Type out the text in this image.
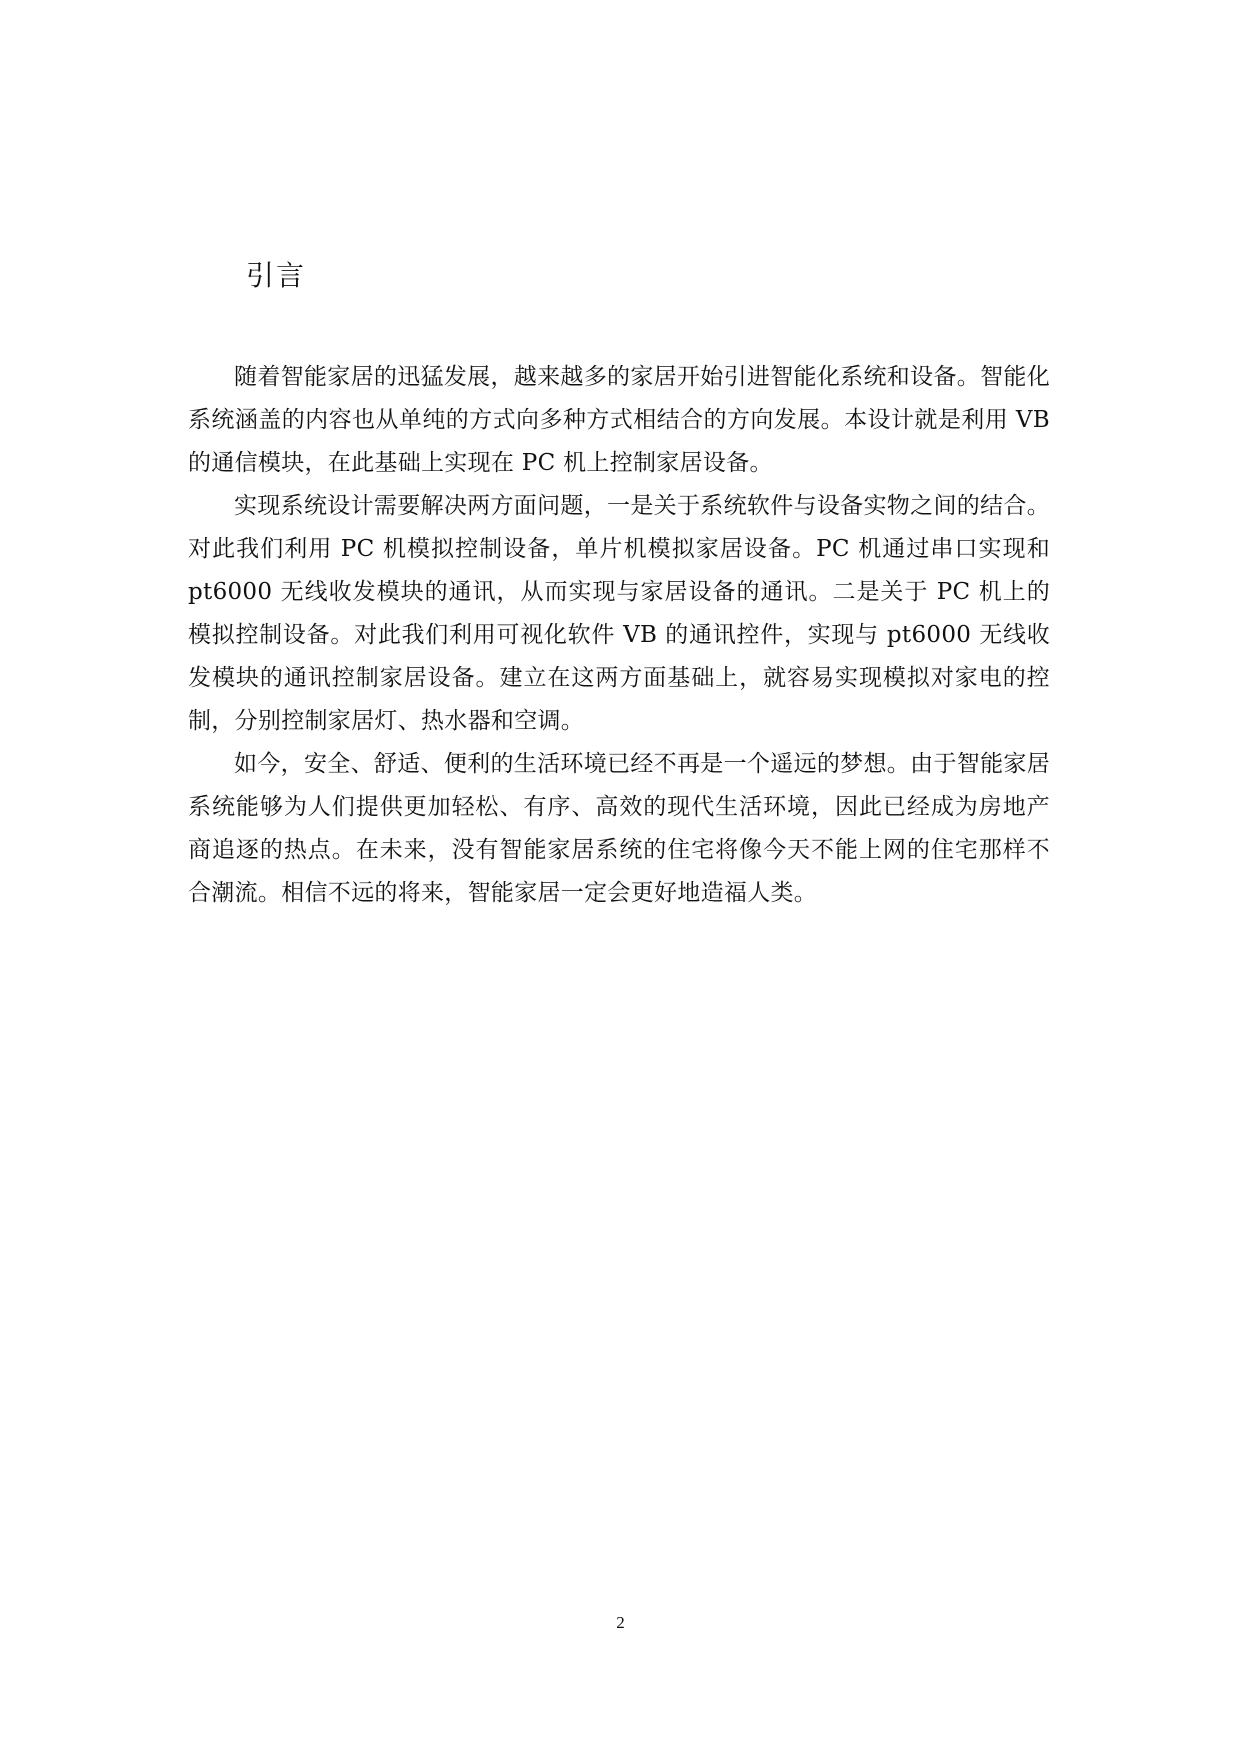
引言

随着智能家居的迅猛发展，越来越多的家居开始引进智能化系统和设备。智能化系统涵盖的内容也从单纯的方式向多种方式相结合的方向发展。本设计就是利用 VB 的通信模块，在此基础上实现在 PC 机上控制家居设备。

实现系统设计需要解决两方面问题，一是关于系统软件与设备实物之间的结合。对此我们利用 PC 机模拟控制设备，单片机模拟家居设备。PC 机通过串口实现和 pt6000 无线收发模块的通讯，从而实现与家居设备的通讯。二是关于 PC 机上的模拟控制设备。对此我们利用可视化软件 VB 的通讯控件，实现与 pt6000 无线收发模块的通讯控制家居设备。建立在这两方面基础上，就容易实现模拟对家电的控制，分别控制家居灯、热水器和空调。

如今，安全、舒适、便利的生活环境已经不再是一个遥远的梦想。由于智能家居系统能够为人们提供更加轻松、有序、高效的现代生活环境，因此已经成为房地产商追逐的热点。在未来，没有智能家居系统的住宅将像今天不能上网的住宅那样不合潮流。相信不远的将来，智能家居一定会更好地造福人类。

2
